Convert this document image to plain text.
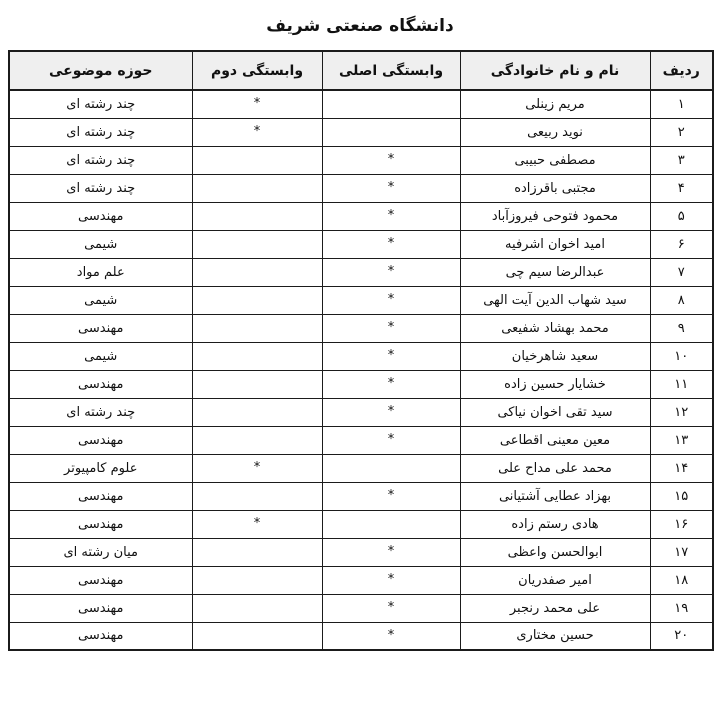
دانشگاه صنعتی شریف
ردیف	نام و نام خانوادگی	وابستگی اصلی	وابستگی دوم	حوزه موضوعی
۱	مریم زینلی		*	چند رشته ای
۲	نوید ربیعی		*	چند رشته ای
۳	مصطفی حبیبی	*		چند رشته ای
۴	مجتبی باقرزاده	*		چند رشته ای
۵	محمود فتوحی فیروزآباد	*		مهندسی
۶	امید اخوان اشرفیه	*		شیمی
۷	عبدالرضا سیم چی	*		علم مواد
۸	سید شهاب الدین آیت الهی	*		شیمی
۹	محمد بهشاد شفیعی	*		مهندسی
۱۰	سعید شاهرخیان	*		شیمی
۱۱	خشایار حسین زاده	*		مهندسی
۱۲	سید تقی اخوان نیاکی	*		چند رشته ای
۱۳	معین معینی اقطاعی	*		مهندسی
۱۴	محمد علی مداح علی		*	علوم کامپیوتر
۱۵	بهزاد عطایی آشتیانی	*		مهندسی
۱۶	هادی رستم زاده		*	مهندسی
۱۷	ابوالحسن واعظی	*		میان رشته ای
۱۸	امیر صفدریان	*		مهندسی
۱۹	علی محمد رنجبر	*		مهندسی
۲۰	حسین مختاری	*		مهندسی
